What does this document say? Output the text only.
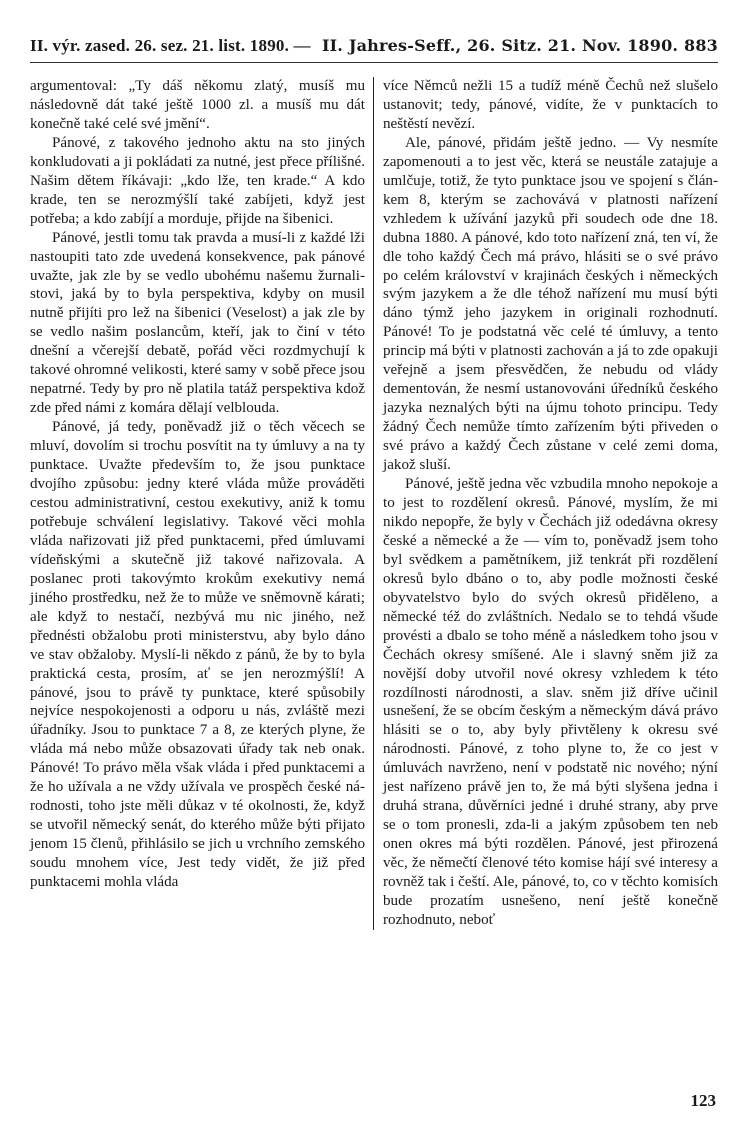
II. výr. zased. 26. sez. 21. list. 1890. — II. Jahres-Seff., 26. Sitz. 21. Nov. 1890. 883

argumentoval: „Ty dáš někomu zlatý, musíš mu následovně dát také ještě 1000 zl. a musíš mu dát konečně také celé své jmění“.

Pánové, z takového jednoho aktu na sto jiných konkludovati a ji pokládati za nutné, jest přece přílišné. Našim dětem říkávaji: „kdo lže, ten krade.“ A kdo krade, ten se nerozmýšlí také zabíjeti, když jest potřeba; a kdo zabíjí a morduje, přijde na šibenici.

Pánové, jestli tomu tak pravda a musí-li z každé lži nastoupiti tato zde uvedená konsekvence, pak pánové uvažte, jak zle by se vedlo ubohému našemu žurnalistovi, jaká by to byla perspektiva, kdyby on musil nutně přijíti pro lež na šibenici (Veselost) a jak zle by se vedlo našim poslancům, kteří, jak to činí v této dnešní a včerejší debatě, pořád věci rozdmychují k takové ohromné velikosti, které samy v sobě přece jsou nepatrné. Tedy by pro ně platila tatáž perspektiva kdož zde před námi z komára dělají velblouda.

Pánové, já tedy, poněvadž již o těch věcech se mluví, dovolím si trochu posvítit na ty úmluvy a na ty punktace. Uvažte především to, že jsou punktace dvojího způsobu: jedny které vláda může prováděti cestou administrativní, cestou exekutivy, aniž k tomu potřebuje schválení legislativy. Takové věci mohla vláda nařizovati již před punktacemi, před úmluvami vídeňskými a skutečně již takové nařizovala. A poslanec proti takovýmto krokům exekutivy nemá jiného prostředku, než že to může ve sněmovně kárati; ale když to nestačí, nezbývá mu nic jiného, než přednésti obžalobu proti ministerstvu, aby bylo dáno ve stav obžaloby. Myslí-li někdo z pánů, že by to byla praktická cesta, prosím, ať se jen nerozmýšlí! A pánové, jsou to právě ty punktace, které spůsobily nejvíce nespokojenosti a odporu u nás, zvláště mezi úřadníky. Jsou to punktace 7 a 8, ze kterých plyne, že vláda má nebo může obsazovati úřady tak neb onak. Pánové! To právo měla však vláda i před punktacemi a že ho užívala a ne vždy užívala ve prospěch české národnosti, toho jste měli důkaz v té okolnosti, že, když se utvořil německý senát, do kterého může býti přijato jenom 15 členů, přihlásilo se jich u vrchního zemského soudu mnohem více, Jest tedy vidět, že již před punktacemi mohla vláda

více Němců nežli 15 a tudíž méně Čechů než slušelo ustanovit; tedy, pánové, vidíte, že v punktacích to neštěstí nevězí.

Ale, pánové, přidám ještě jedno. — Vy nesmíte zapomenouti a to jest věc, která se neustále zatajuje a umlčuje, totiž, že tyto punktace jsou ve spojení s článkem 8, kterým se zachovává v platnosti nařízení vzhledem k užívání jazyků při soudech ode dne 18. dubna 1880. A pánové, kdo toto nařízení zná, ten ví, že dle toho každý Čech má právo, hlásiti se o své právo po celém království v krajinách českých i německých svým jazykem a že dle téhož nařízení mu musí býti dáno týmž jeho jazykem in originali rozhodnutí. Pánové! To je podstatná věc celé té úmluvy, a tento princip má býti v platnosti zachován a já to zde opakuji veřejně a jsem přesvědčen, že nebudu od vlády dementován, že nesmí ustanovováni úředníků českého jazyka neznalých býti na újmu tohoto principu. Tedy žádný Čech nemůže tímto zařízením býti přiveden o své právo a každý Čech zůstane v celé zemi doma, jakož sluší.

Pánové, ještě jedna věc vzbudila mnoho nepokoje a to jest to rozdělení okresů. Pánové, myslím, že mi nikdo nepopře, že byly v Čechách již odedávna okresy české a německé a že — vím to, poněvadž jsem toho byl svědkem a pamětníkem, již tenkrát při rozdělení okresů bylo dbáno o to, aby podle možnosti české obyvatelstvo bylo do svých okresů přiděleno, a německé též do zvláštních. Nedalo se to tehdá všude provésti a dbalo se toho méně a následkem toho jsou v Čechách okresy smíšené. Ale i slavný sněm již za novější doby utvořil nové okresy vzhledem k této rozdílnosti národnosti, a slav. sněm již dříve učinil usnešení, že se obcím českým a německým dává právo hlásiti se o to, aby byly přivtěleny k okresu své národnosti. Pánové, z toho plyne to, že co jest v úmluvách navrženo, není v podstatě nic nového; nýní jest nařízeno právě jen to, že má býti slyšena jedna i druhá strana, důvěrníci jedné i druhé strany, aby prve se o tom pronesli, zda-li a jakým způsobem ten neb onen okres má býti rozdělen. Pánové, jest přirozená věc, že němečtí členové této komise hájí své interesy a rovněž tak i čeští. Ale, pánové, to, co v těchto komisích bude prozatím usnešeno, není ještě konečně rozhodnuto, neboť

123
